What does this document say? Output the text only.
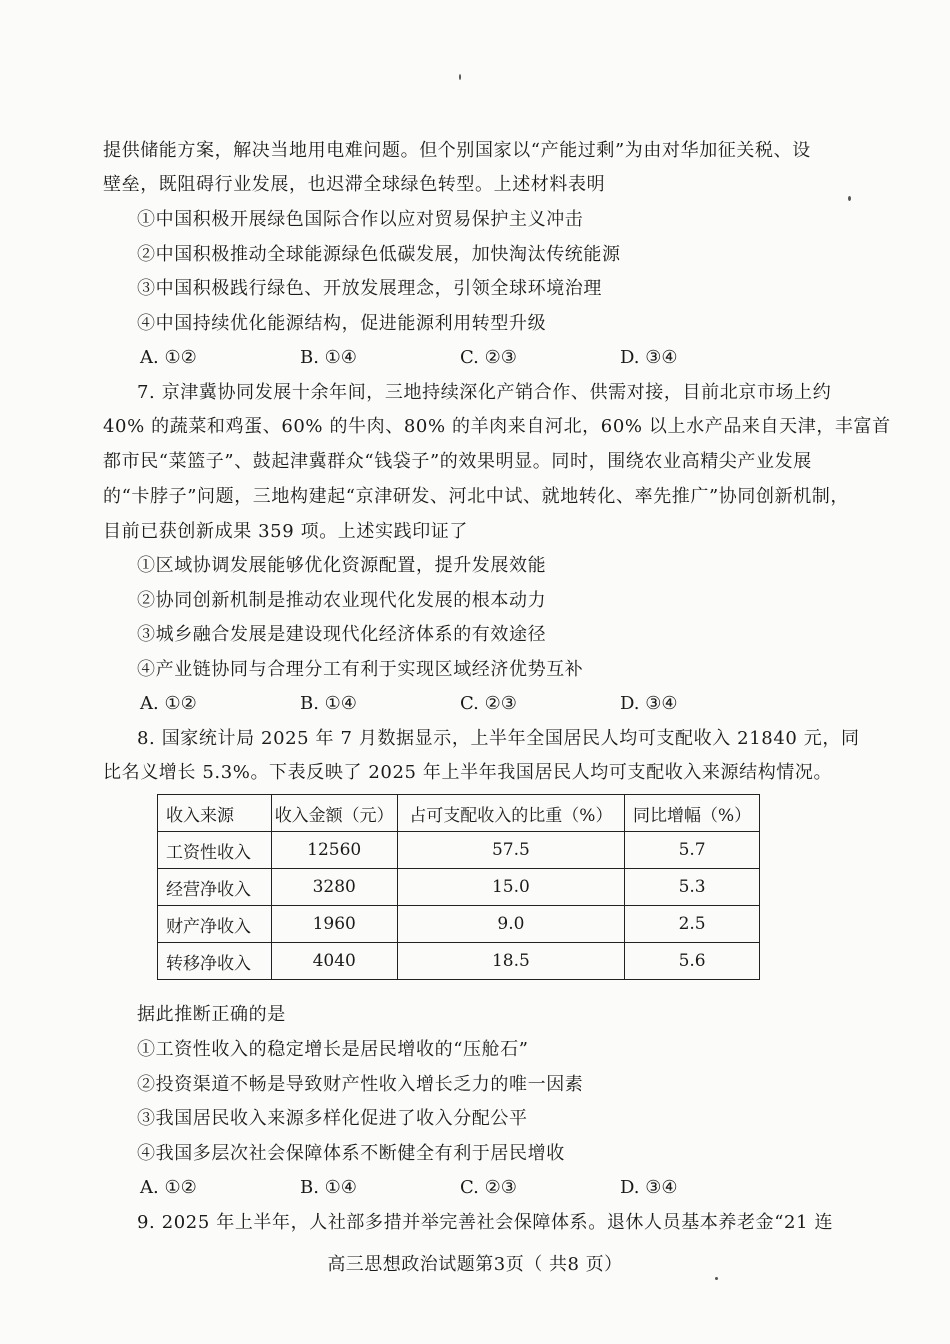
提供储能方案，解决当地用电难问题。但个别国家以“产能过剩”为由对华加征关税、设
壁垒，既阻碍行业发展，也迟滞全球绿色转型。上述材料表明
①中国积极开展绿色国际合作以应对贸易保护主义冲击
②中国积极推动全球能源绿色低碳发展，加快淘汰传统能源
③中国积极践行绿色、开放发展理念，引领全球环境治理
④中国持续优化能源结构，促进能源利用转型升级
A. ①②	B. ①④	C. ②③	D. ③④
7. 京津冀协同发展十余年间，三地持续深化产销合作、供需对接，目前北京市场上约
40% 的蔬菜和鸡蛋、60% 的牛肉、80% 的羊肉来自河北，60% 以上水产品来自天津，丰富首
都市民“菜篮子”、鼓起津冀群众“钱袋子”的效果明显。同时，围绕农业高精尖产业发展
的“卡脖子”问题，三地构建起“京津研发、河北中试、就地转化、率先推广”协同创新机制，
目前已获创新成果 359 项。上述实践印证了
①区域协调发展能够优化资源配置，提升发展效能
②协同创新机制是推动农业现代化发展的根本动力
③城乡融合发展是建设现代化经济体系的有效途径
④产业链协同与合理分工有利于实现区域经济优势互补
A. ①②	B. ①④	C. ②③	D. ③④
8. 国家统计局 2025 年 7 月数据显示，上半年全国居民人均可支配收入 21840 元，同
比名义增长 5.3%。下表反映了 2025 年上半年我国居民人均可支配收入来源结构情况。
收入来源	收入金额（元）	占可支配收入的比重（%）	同比增幅（%）
工资性收入	12560	57.5	5.7
经营净收入	3280	15.0	5.3
财产净收入	1960	9.0	2.5
转移净收入	4040	18.5	5.6
据此推断正确的是
①工资性收入的稳定增长是居民增收的“压舱石”
②投资渠道不畅是导致财产性收入增长乏力的唯一因素
③我国居民收入来源多样化促进了收入分配公平
④我国多层次社会保障体系不断健全有利于居民增收
A. ①②	B. ①④	C. ②③	D. ③④
9. 2025 年上半年，人社部多措并举完善社会保障体系。退休人员基本养老金“21 连
高三思想政治试题第3页（ 共8 页）
